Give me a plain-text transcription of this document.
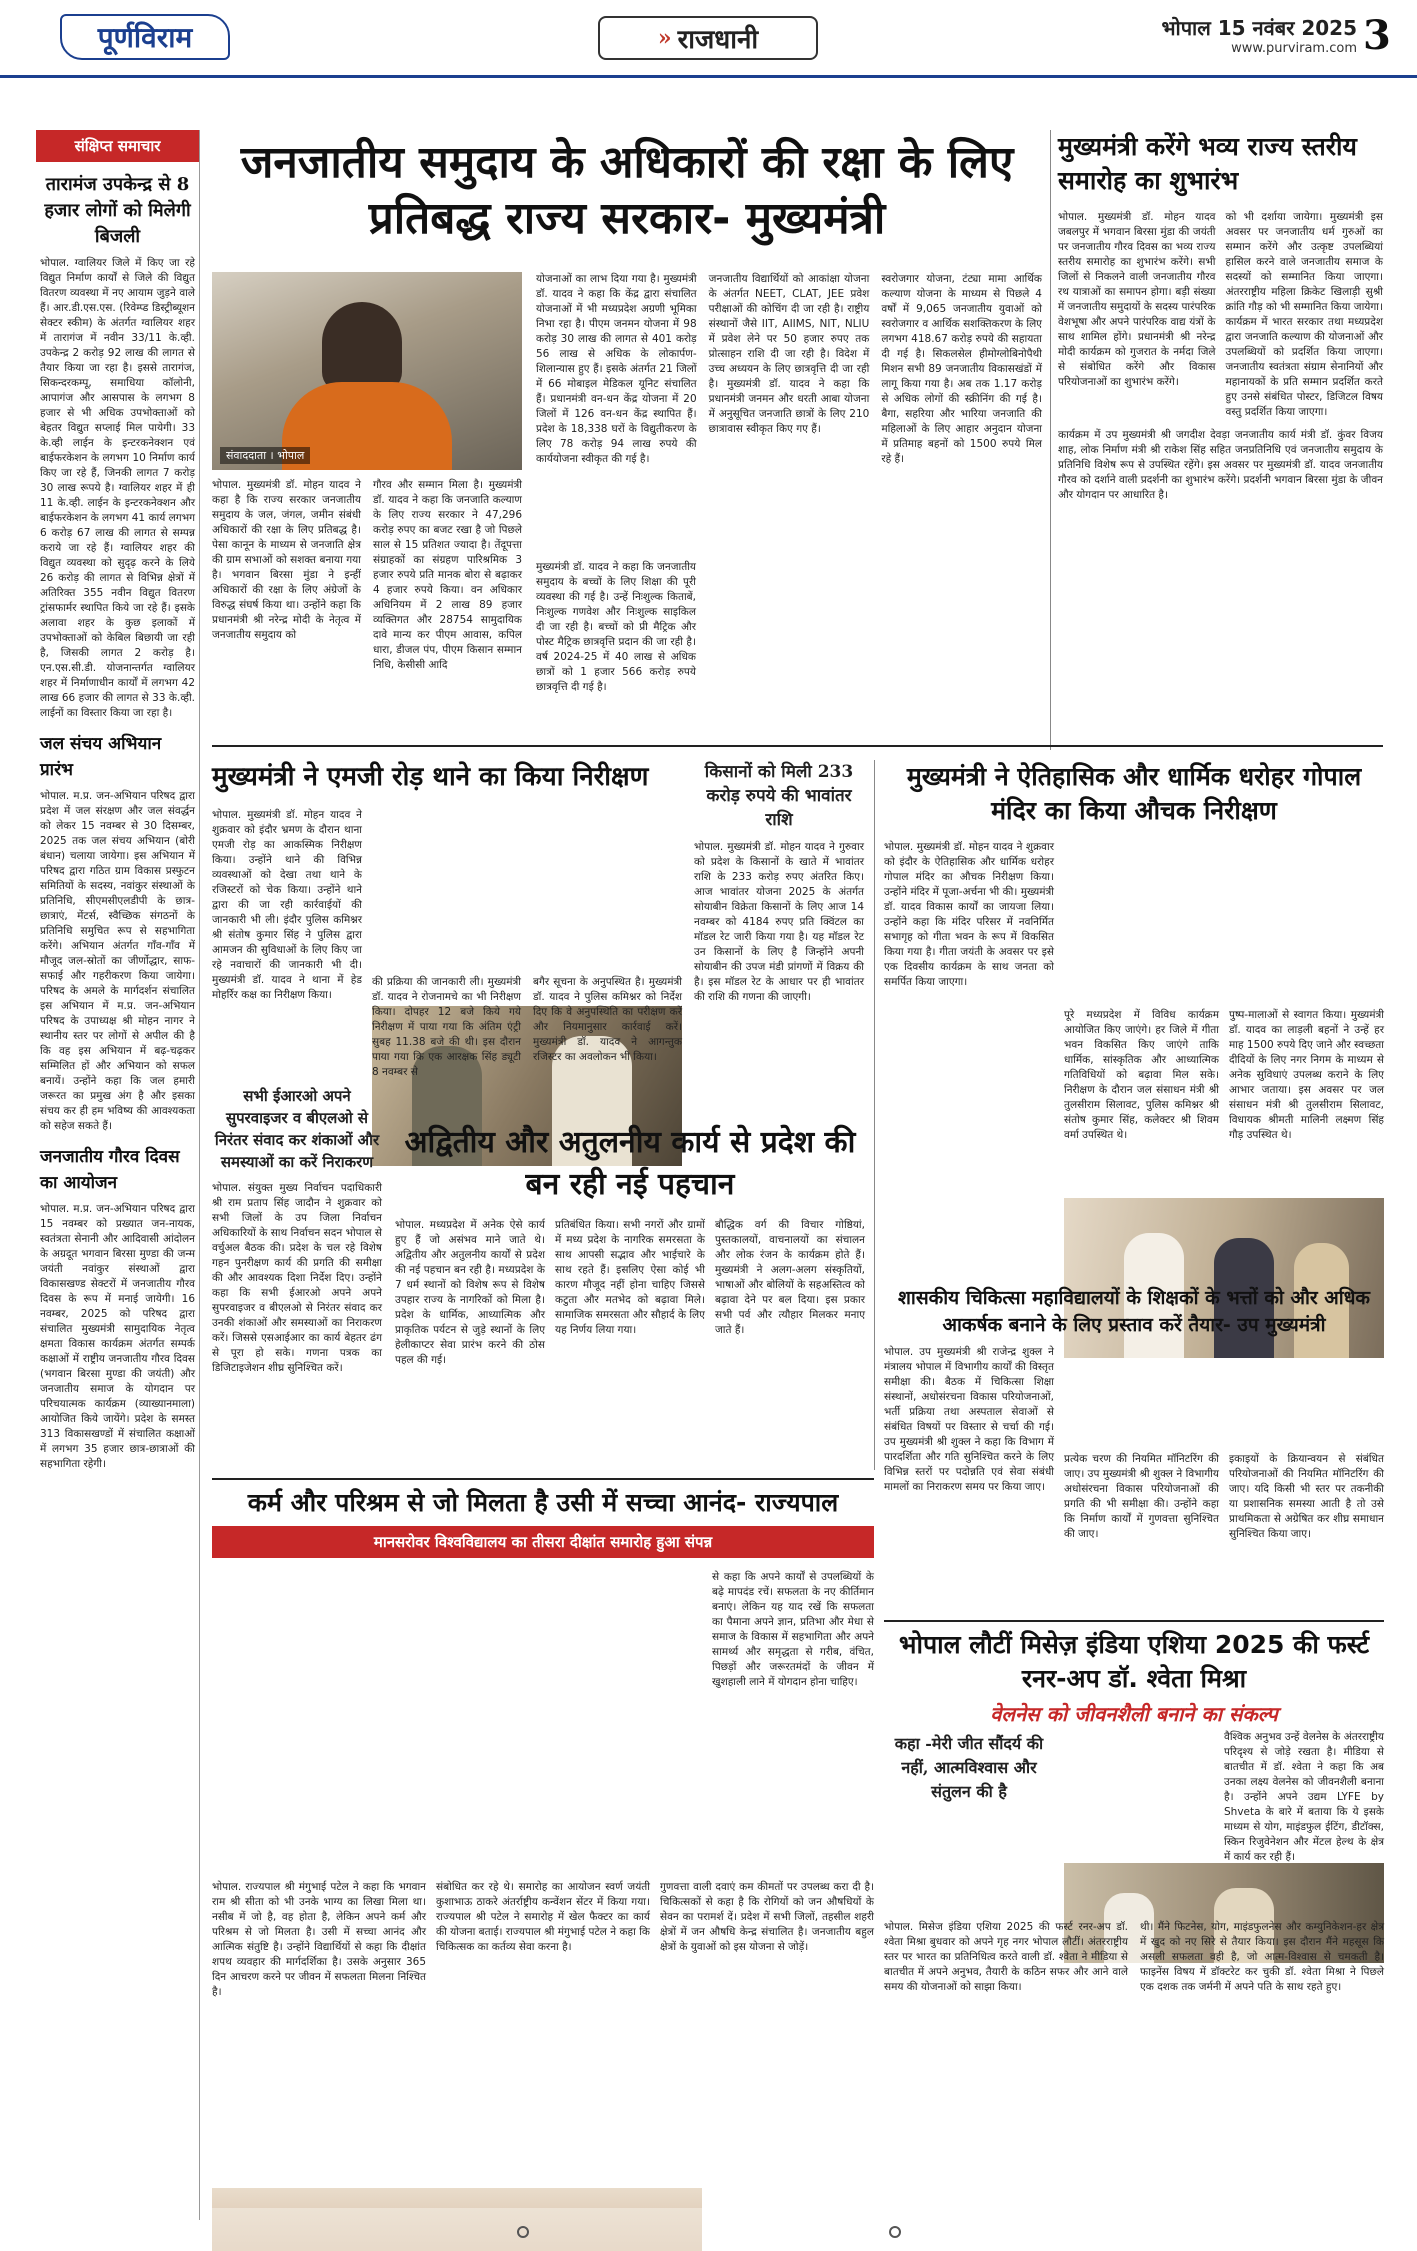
पूर्णविराम	» राजधानी	भोपाल 15 नवंबर 2025
www.purviram.com 3
संक्षिप्त समाचार
तारामंज उपकेन्द्र से 8 हजार लोगों को मिलेगी बिजली
भोपाल. ग्वालियर जिले में किए जा रहे विद्युत निर्माण कार्यों से जिले की विद्युत वितरण व्यवस्था में नए आयाम जुड़ने वाले हैं। आर.डी.एस.एस. (रिवेम्प्ड डिस्ट्रीब्यूशन सेक्टर स्कीम) के अंतर्गत ग्वालियर शहर में तारागंज में नवीन 33/11 के.व्ही. उपकेन्द्र 2 करोड़ 92 लाख की लागत से तैयार किया जा रहा है। इससे तारागंज, सिकन्दरकम्पू, समाधिया कॉलोनी, आपागंज और आसपास के लगभग 8 हजार से भी अधिक उपभोक्ताओं को बेहतर विद्युत सप्लाई मिल पायेगी। 33 के.व्ही लाईन के इन्टरकनेक्शन एवं बाईफरकेशन के लगभग 10 निर्माण कार्य किए जा रहे हैं, जिनकी लागत 7 करोड़ 30 लाख रूपये है। ग्वालियर शहर में ही 11 के.व्ही. लाईन के इन्टरकनेक्शन और बाईफरकेशन के लगभग 41 कार्य लगभग 6 करोड़ 67 लाख की लागत से सम्पन्न कराये जा रहे हैं। ग्वालियर शहर की विद्युत व्यवस्था को सुदृढ़ करने के लिये 26 करोड़ की लागत से विभिन्न क्षेत्रों में अतिरिक्त 355 नवीन विद्युत वितरण ट्रांसफार्मर स्थापित किये जा रहे हैं। इसके अलावा शहर के कुछ इलाकों में उपभोक्ताओं को केबिल बिछायी जा रही है, जिसकी लागत 2 करोड़ है। एन.एस.सी.डी. योजनान्तर्गत ग्वालियर शहर में निर्माणाधीन कार्यों में लगभग 42 लाख 66 हजार की लागत से 33 के.व्ही. लाईनों का विस्तार किया जा रहा है।
जल संचय अभियान प्रारंभ
भोपाल. म.प्र. जन-अभियान परिषद द्वारा प्रदेश में जल संरक्षण और जल संवर्द्धन को लेकर 15 नवम्बर से 30 दिसम्बर, 2025 तक जल संचय अभियान (बोरी बंधान) चलाया जायेगा। इस अभियान में परिषद द्वारा गठित ग्राम विकास प्रस्फुटन समितियों के सदस्य, नवांकुर संस्थाओं के प्रतिनिधि, सीएमसीएलडीपी के छात्र-छात्राएं, मेंटर्स, स्वैच्छिक संगठनों के प्रतिनिधि समुचित रूप से सहभागिता करेंगे। अभियान अंतर्गत गाँव-गाँव में मौजूद जल-स्रोतों का जीर्णोद्धार, साफ-सफाई और गहरीकरण किया जायेगा। परिषद के अमले के मार्गदर्शन संचालित इस अभियान में म.प्र. जन-अभियान परिषद के उपाध्यक्ष श्री मोहन नागर ने स्थानीय स्तर पर लोगों से अपील की है कि वह इस अभियान में बढ़-चढ़कर सम्मिलित हों और अभियान को सफल बनायें। उन्होंने कहा कि जल हमारी जरूरत का प्रमुख अंग है और इसका संचय कर ही हम भविष्य की आवश्यकता को सहेज सकते हैं।
जनजातीय गौरव दिवस का आयोजन
भोपाल. म.प्र. जन-अभियान परिषद द्वारा 15 नवम्बर को प्रख्यात जन-नायक, स्वतंत्रता सेनानी और आदिवासी आंदोलन के अग्रदूत भगवान बिरसा मुण्डा की जन्म जयंती नवांकुर संस्थाओं द्वारा विकासखण्ड सेक्टरों में जनजातीय गौरव दिवस के रूप में मनाई जायेगी। 16 नवम्बर, 2025 को परिषद द्वारा संचालित मुख्यमंत्री सामुदायिक नेतृत्व क्षमता विकास कार्यक्रम अंतर्गत सम्पर्क कक्षाओं में राष्ट्रीय जनजातीय गौरव दिवस (भगवान बिरसा मुण्डा की जयंती) और जनजातीय समाज के योगदान पर परिचयात्मक कार्यक्रम (व्याख्यानमाला) आयोजित किये जायेंगे। प्रदेश के समस्त 313 विकासखण्डों में संचालित कक्षाओं में लगभग 35 हजार छात्र-छात्राओं की सहभागिता रहेगी।
जनजातीय समुदाय के अधिकारों की रक्षा के लिए प्रतिबद्ध राज्य सरकार- मुख्यमंत्री
संवाददाता । भोपाल
भोपाल. मुख्यमंत्री डॉ. मोहन यादव ने कहा है कि राज्य सरकार जनजातीय समुदाय के जल, जंगल, जमीन संबंधी अधिकारों की रक्षा के लिए प्रतिबद्ध है। पेसा कानून के माध्यम से जनजाति क्षेत्र की ग्राम सभाओं को सशक्त बनाया गया है। भगवान बिरसा मुंडा ने इन्हीं अधिकारों की रक्षा के लिए अंग्रेजों के विरुद्ध संघर्ष किया था। उन्होंने कहा कि प्रधानमंत्री श्री नरेन्द्र मोदी के नेतृत्व में जनजातीय समुदाय को
गौरव और सम्मान मिला है। मुख्यमंत्री डॉ. यादव ने कहा कि जनजाति कल्याण के लिए राज्य सरकार ने 47,296 करोड़ रुपए का बजट रखा है जो पिछले साल से 15 प्रतिशत ज्यादा है। तेंदूपत्ता संग्राहकों का संग्रहण पारिश्रमिक 3 हजार रुपये प्रति मानक बोरा से बढ़ाकर 4 हजार रुपये किया। वन अधिकार अधिनियम में 2 लाख 89 हजार व्यक्तिगत और 28754 सामुदायिक दावे मान्य कर पीएम आवास, कपिल धारा, डीजल पंप, पीएम किसान सम्मान निधि, केसीसी आदि
योजनाओं का लाभ दिया गया है। मुख्यमंत्री डॉ. यादव ने कहा कि केंद्र द्वारा संचालित योजनाओं में भी मध्यप्रदेश अग्रणी भूमिका निभा रहा है। पीएम जनमन योजना में 98 करोड़ 30 लाख की लागत से 401 करोड़ 56 लाख से अधिक के लोकार्पण-शिलान्यास हुए हैं। इसके अंतर्गत 21 जिलों में 66 मोबाइल मेडिकल यूनिट संचालित हैं। प्रधानमंत्री वन-धन केंद्र योजना में 20 जिलों में 126 वन-धन केंद्र स्थापित हैं। प्रदेश के 18,338 घरों के विद्युतीकरण के लिए 78 करोड़ 94 लाख रुपये की कार्ययोजना स्वीकृत की गई है।
जनजातीय विद्यार्थियों को आकांक्षा योजना के अंतर्गत NEET, CLAT, JEE प्रवेश परीक्षाओं की कोचिंग दी जा रही है। राष्ट्रीय संस्थानों जैसे IIT, AIIMS, NIT, NLIU में प्रवेश लेने पर 50 हजार रुपए तक प्रोत्साहन राशि दी जा रही है। विदेश में उच्च अध्ययन के लिए छात्रवृत्ति दी जा रही है। मुख्यमंत्री डॉ. यादव ने कहा कि प्रधानमंत्री जनमन और धरती आबा योजना में अनुसूचित जनजाति छात्रों के लिए 210 छात्रावास स्वीकृत किए गए हैं।
स्वरोजगार योजना, टंट्या मामा आर्थिक कल्याण योजना के माध्यम से पिछले 4 वर्षों में 9,065 जनजातीय युवाओं को स्वरोजगार व आर्थिक सशक्तिकरण के लिए लगभग 418.67 करोड़ रुपये की सहायता दी गई है। सिकलसेल हीमोग्लोबिनोपैथी मिशन सभी 89 जनजातीय विकासखंडों में लागू किया गया है। अब तक 1.17 करोड़ से अधिक लोगों की स्क्रीनिंग की गई है। बैगा, सहरिया और भारिया जनजाति की महिलाओं के लिए आहार अनुदान योजना में प्रतिमाह बहनों को 1500 रुपये मिल रहे हैं।
मुख्यमंत्री डॉ. यादव ने कहा कि जनजातीय समुदाय के बच्चों के लिए शिक्षा की पूरी व्यवस्था की गई है। उन्हें निःशुल्क किताबें, निःशुल्क गणवेश और निःशुल्क साइकिल दी जा रही है। बच्चों को प्री मैट्रिक और पोस्ट मैट्रिक छात्रवृत्ति प्रदान की जा रही है। वर्ष 2024-25 में 40 लाख से अधिक छात्रों को 1 हजार 566 करोड़ रुपये छात्रवृत्ति दी गई है।
मुख्यमंत्री करेंगे भव्य राज्य स्तरीय समारोह का शुभारंभ
भोपाल. मुख्यमंत्री डॉ. मोहन यादव जबलपुर में भगवान बिरसा मुंडा की जयंती पर जनजातीय गौरव दिवस का भव्य राज्य स्तरीय समारोह का शुभारंभ करेंगे। सभी जिलों से निकलने वाली जनजातीय गौरव रथ यात्राओं का समापन होगा। बड़ी संख्या में जनजातीय समुदायों के सदस्य पारंपरिक वेशभूषा और अपने पारंपरिक वाद्य यंत्रों के साथ शामिल होंगे। प्रधानमंत्री श्री नरेन्द्र मोदी कार्यक्रम को गुजरात के नर्मदा जिले से संबोधित करेंगे और विकास परियोजनाओं का शुभारंभ करेंगे।
को भी दर्शाया जायेगा। मुख्यमंत्री इस अवसर पर जनजातीय धर्म गुरुओं का सम्मान करेंगे और उत्कृष्ट उपलब्धियां हासिल करने वाले जनजातीय समाज के सदस्यों को सम्मानित किया जाएगा। अंतरराष्ट्रीय महिला क्रिकेट खिलाड़ी सुश्री क्रांति गौड़ को भी सम्मानित किया जायेगा। कार्यक्रम में भारत सरकार तथा मध्यप्रदेश द्वारा जनजाति कल्याण की योजनाओं और उपलब्धियों को प्रदर्शित किया जाएगा। जनजातीय स्वतंत्रता संग्राम सेनानियों और महानायकों के प्रति सम्मान प्रदर्शित करते हुए उनसे संबंधित पोस्टर, डिजिटल विषय वस्तु प्रदर्शित किया जाएगा।
कार्यक्रम में उप मुख्यमंत्री श्री जगदीश देवड़ा जनजातीय कार्य मंत्री डॉ. कुंवर विजय शाह, लोक निर्माण मंत्री श्री राकेश सिंह सहित जनप्रतिनिधि एवं जनजातीय समुदाय के प्रतिनिधि विशेष रूप से उपस्थित रहेंगे। इस अवसर पर मुख्यमंत्री डॉ. यादव जनजातीय गौरव को दर्शाने वाली प्रदर्शनी का शुभारंभ करेंगे। प्रदर्शनी भगवान बिरसा मुंडा के जीवन और योगदान पर आधारित है।
मुख्यमंत्री ने एमजी रोड़ थाने का किया निरीक्षण
भोपाल. मुख्यमंत्री डॉ. मोहन यादव ने शुक्रवार को इंदौर भ्रमण के दौरान थाना एमजी रोड़ का आकस्मिक निरीक्षण किया। उन्होंने थाने की विभिन्न व्यवस्थाओं को देखा तथा थाने के रजिस्टरों को चेक किया। उन्होंने थाने द्वारा की जा रही कार्रवाईयों की जानकारी भी ली। इंदौर पुलिस कमिश्नर श्री संतोष कुमार सिंह ने पुलिस द्वारा आमजन की सुविधाओं के लिए किए जा रहे नवाचारों की जानकारी भी दी। मुख्यमंत्री डॉ. यादव ने थाना में हेड मोहर्रिर कक्ष का निरीक्षण किया।
की प्रक्रिया की जानकारी ली। मुख्यमंत्री डॉ. यादव ने रोजनामचे का भी निरीक्षण किया। दोपहर 12 बजे किये गये निरीक्षण में पाया गया कि अंतिम एंट्री सुबह 11.38 बजे की थी। इस दौरान पाया गया कि एक आरक्षक सिंह ड्यूटी 8 नवम्बर से
बगैर सूचना के अनुपस्थित है। मुख्यमंत्री डॉ. यादव ने पुलिस कमिश्नर को निर्देश दिए कि वे अनुपस्थिति का परीक्षण करें और नियमानुसार कार्रवाई करें। मुख्यमंत्री डॉ. यादव ने आगन्तुक रजिस्टर का अवलोकन भी किया।
किसानों को मिली 233 करोड़ रुपये की भावांतर राशि
भोपाल. मुख्यमंत्री डॉ. मोहन यादव ने गुरुवार को प्रदेश के किसानों के खाते में भावांतर राशि के 233 करोड़ रुपए अंतरित किए। आज भावांतर योजना 2025 के अंतर्गत सोयाबीन विक्रेता किसानों के लिए आज 14 नवम्बर को 4184 रुपए प्रति क्विंटल का मॉडल रेट जारी किया गया है। यह मॉडल रेट उन किसानों के लिए है जिन्होंने अपनी सोयाबीन की उपज मंडी प्रांगणों में विक्रय की है। इस मॉडल रेट के आधार पर ही भावांतर की राशि की गणना की जाएगी।
सभी ईआरओ अपने सुपरवाइजर व बीएलओ से निरंतर संवाद कर शंकाओं और समस्याओं का करें निराकरण
भोपाल. संयुक्त मुख्य निर्वाचन पदाधिकारी श्री राम प्रताप सिंह जादौन ने शुक्रवार को सभी जिलों के उप जिला निर्वाचन अधिकारियों के साथ निर्वाचन सदन भोपाल से वर्चुअल बैठक की। प्रदेश के चल रहे विशेष गहन पुनरीक्षण कार्य की प्रगति की समीक्षा की और आवश्यक दिशा निर्देश दिए। उन्होंने कहा कि सभी ईआरओ अपने अपने सुपरवाइजर व बीएलओ से निरंतर संवाद कर उनकी शंकाओं और समस्याओं का निराकरण करें। जिससे एसआईआर का कार्य बेहतर ढंग से पूरा हो सके। गणना पत्रक का डिजिटाइजेशन शीघ्र सुनिश्चित करें।
अद्वितीय और अतुलनीय कार्य से प्रदेश की बन रही नई पहचान
भोपाल. मध्यप्रदेश में अनेक ऐसे कार्य हुए हैं जो असंभव माने जाते थे। अद्वितीय और अतुलनीय कार्यों से प्रदेश की नई पहचान बन रही है। मध्यप्रदेश के 7 धर्म स्थानों को विशेष रूप से विशेष उपहार राज्य के नागरिकों को मिला है। प्रदेश के धार्मिक, आध्यात्मिक और प्राकृतिक पर्यटन से जुड़े स्थानों के लिए हेलीकाप्टर सेवा प्रारंभ करने की ठोस पहल की गई।
प्रतिबंधित किया। सभी नगरों और ग्रामों में मध्य प्रदेश के नागरिक समरसता के साथ आपसी सद्भाव और भाईचारे के साथ रहते हैं। इसलिए ऐसा कोई भी कारण मौजूद नहीं होना चाहिए जिससे कटुता और मतभेद को बढ़ावा मिले। सामाजिक समरसता और सौहार्द के लिए यह निर्णय लिया गया।
बौद्धिक वर्ग की विचार गोष्ठियां, पुस्तकालयों, वाचनालयों का संचालन और लोक रंजन के कार्यक्रम होते हैं। मुख्यमंत्री ने अलग-अलग संस्कृतियों, भाषाओं और बोलियों के सहअस्तित्व को बढ़ावा देने पर बल दिया। इस प्रकार सभी पर्व और त्यौहार मिलकर मनाए जाते हैं।
मुख्यमंत्री ने ऐतिहासिक और धार्मिक धरोहर गोपाल मंदिर का किया औचक निरीक्षण
भोपाल. मुख्यमंत्री डॉ. मोहन यादव ने शुक्रवार को इंदौर के ऐतिहासिक और धार्मिक धरोहर गोपाल मंदिर का औचक निरीक्षण किया। उन्होंने मंदिर में पूजा-अर्चना भी की। मुख्यमंत्री डॉ. यादव विकास कार्यों का जायजा लिया। उन्होंने कहा कि मंदिर परिसर में नवनिर्मित सभागृह को गीता भवन के रूप में विकसित किया गया है। गीता जयंती के अवसर पर इसे एक दिवसीय कार्यक्रम के साथ जनता को समर्पित किया जाएगा।
पूरे मध्यप्रदेश में विविध कार्यक्रम आयोजित किए जाएंगे। हर जिले में गीता भवन विकसित किए जाएंगे ताकि धार्मिक, सांस्कृतिक और आध्यात्मिक गतिविधियों को बढ़ावा मिल सके। निरीक्षण के दौरान जल संसाधन मंत्री श्री तुलसीराम सिलावट, पुलिस कमिश्नर श्री संतोष कुमार सिंह, कलेक्टर श्री शिवम वर्मा उपस्थित थे।
पुष्प-मालाओं से स्वागत किया। मुख्यमंत्री डॉ. यादव का लाड़ली बहनों ने उन्हें हर माह 1500 रुपये दिए जाने और स्वच्छता दीदियों के लिए नगर निगम के माध्यम से अनेक सुविधाएं उपलब्ध कराने के लिए आभार जताया। इस अवसर पर जल संसाधन मंत्री श्री तुलसीराम सिलावट, विधायक श्रीमती मालिनी लक्ष्मण सिंह गौड़ उपस्थित थे।
शासकीय चिकित्सा महाविद्यालयों के शिक्षकों के भत्तों को और अधिक आकर्षक बनाने के लिए प्रस्ताव करें तैयार- उप मुख्यमंत्री
भोपाल. उप मुख्यमंत्री श्री राजेन्द्र शुक्ल ने मंत्रालय भोपाल में विभागीय कार्यों की विस्तृत समीक्षा की। बैठक में चिकित्सा शिक्षा संस्थानों, अधोसंरचना विकास परियोजनाओं, भर्ती प्रक्रिया तथा अस्पताल सेवाओं से संबंधित विषयों पर विस्तार से चर्चा की गई। उप मुख्यमंत्री श्री शुक्ल ने कहा कि विभाग में पारदर्शिता और गति सुनिश्चित करने के लिए विभिन्न स्तरों पर पदोन्नति एवं सेवा संबंधी मामलों का निराकरण समय पर किया जाए।
प्रत्येक चरण की नियमित मॉनिटरिंग की जाए। उप मुख्यमंत्री श्री शुक्ल ने विभागीय अधोसंरचना विकास परियोजनाओं की प्रगति की भी समीक्षा की। उन्होंने कहा कि निर्माण कार्यों में गुणवत्ता सुनिश्चित की जाए।
इकाइयों के क्रियान्वयन से संबंधित परियोजनाओं की नियमित मॉनिटरिंग की जाए। यदि किसी भी स्तर पर तकनीकी या प्रशासनिक समस्या आती है तो उसे प्राथमिकता से अग्रेषित कर शीघ्र समाधान सुनिश्चित किया जाए।
कर्म और परिश्रम से जो मिलता है उसी में सच्चा आनंद- राज्यपाल
मानसरोवर विश्वविद्यालय का तीसरा दीक्षांत समारोह हुआ संपन्न
से कहा कि अपने कार्यों से उपलब्धियों के बढ़े मापदंड रचें। सफलता के नए कीर्तिमान बनाएं। लेकिन यह याद रखें कि सफलता का पैमाना अपने ज्ञान, प्रतिभा और मेधा से समाज के विकास में सहभागिता और अपने सामर्थ्य और समृद्धता से गरीब, वंचित, पिछड़ों और जरूरतमंदों के जीवन में खुशहाली लाने में योगदान होना चाहिए।
भोपाल. राज्यपाल श्री मंगुभाई पटेल ने कहा कि भगवान राम श्री सीता को भी उनके भाग्य का लिखा मिला था। नसीब में जो है, वह होता है, लेकिन अपने कर्म और परिश्रम से जो मिलता है। उसी में सच्चा आनंद और आत्मिक संतुष्टि है। उन्होंने विद्यार्थियों से कहा कि दीक्षांत शपथ व्यवहार की मार्गदर्शिका है। उसके अनुसार 365 दिन आचरण करने पर जीवन में सफलता मिलना निश्चित है।
संबोधित कर रहे थे। समारोह का आयोजन स्वर्ण जयंती कुशाभाऊ ठाकरे अंतर्राष्ट्रीय कन्वेंशन सेंटर में किया गया। राज्यपाल श्री पटेल ने समारोह में खेल फैक्टर का कार्य की योजना बताई। राज्यपाल श्री मंगुभाई पटेल ने कहा कि चिकित्सक का कर्तव्य सेवा करना है।
गुणवत्ता वाली दवाएं कम कीमतों पर उपलब्ध करा दी है। चिकित्सकों से कहा है कि रोगियों को जन औषधियों के सेवन का परामर्श दें। प्रदेश में सभी जिलों, तहसील शहरी क्षेत्रों में जन औषधि केन्द्र संचालित है। जनजातीय बहुल क्षेत्रों के युवाओं को इस योजना से जोड़ें।
भोपाल लौटीं मिसेज़ इंडिया एशिया 2025 की फर्स्ट रनर-अप डॉ. श्वेता मिश्रा
वेलनेस को जीवनशैली बनाने का संकल्प
कहा -मेरी जीत सौंदर्य की नहीं, आत्मविश्वास और संतुलन की है
वैश्विक अनुभव उन्हें वेलनेस के अंतरराष्ट्रीय परिदृश्य से जोड़े रखता है। मीडिया से बातचीत में डॉ. श्वेता ने कहा कि अब उनका लक्ष्य वेलनेस को जीवनशैली बनाना है। उन्होंने अपने उद्यम LYFE by Shveta के बारे में बताया कि ये इसके माध्यम से योग, माइंडफुल ईटिंग, डीटॉक्स, स्किन रिजुवेनेशन और मेंटल हेल्थ के क्षेत्र में कार्य कर रही हैं।
भोपाल. मिसेज इंडिया एशिया 2025 की फर्स्ट रनर-अप डॉ. श्वेता मिश्रा बुधवार को अपने गृह नगर भोपाल लौटीं। अंतरराष्ट्रीय स्तर पर भारत का प्रतिनिधित्व करते वाली डॉ. श्वेता ने मीडिया से बातचीत में अपने अनुभव, तैयारी के कठिन सफर और आने वाले समय की योजनाओं को साझा किया।
थी। मैंने फिटनेस, योग, माइंडफुलनेस और कम्युनिकेशन-हर क्षेत्र में खुद को नए सिरे से तैयार किया। इस दौरान मैंने महसूस कि असली सफलता वही है, जो आत्म-विश्वास से चमकती है। फाइनेंस विषय में डॉक्टरेट कर चुकी डॉ. श्वेता मिश्रा ने पिछले एक दशक तक जर्मनी में अपने पति के साथ रहते हुए।
